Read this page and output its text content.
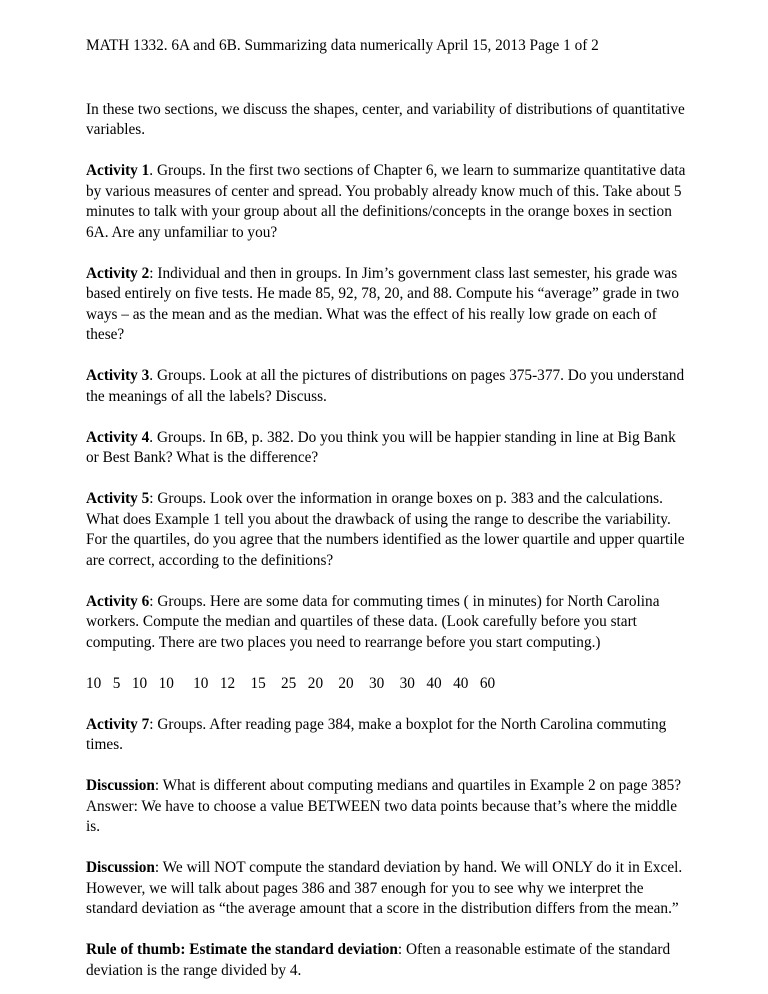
MATH 1332. 6A and 6B. Summarizing data numerically April 15, 2013 Page 1 of 2
In these two sections, we discuss the shapes, center, and variability of distributions of quantitative variables.
Activity 1. Groups. In the first two sections of Chapter 6, we learn to summarize quantitative data by various measures of center and spread. You probably already know much of this. Take about 5 minutes to talk with your group about all the definitions/concepts in the orange boxes in section 6A. Are any unfamiliar to you?
Activity 2: Individual and then in groups. In Jim’s government class last semester, his grade was based entirely on five tests. He made 85, 92, 78, 20, and 88. Compute his “average” grade in two ways – as the mean and as the median. What was the effect of his really low grade on each of these?
Activity 3. Groups. Look at all the pictures of distributions on pages 375-377. Do you understand the meanings of all the labels? Discuss.
Activity 4. Groups. In 6B, p. 382. Do you think you will be happier standing in line at Big Bank or Best Bank? What is the difference?
Activity 5: Groups. Look over the information in orange boxes on p. 383 and the calculations. What does Example 1 tell you about the drawback of using the range to describe the variability. For the quartiles, do you agree that the numbers identified as the lower quartile and upper quartile are correct, according to the definitions?
Activity 6: Groups. Here are some data for commuting times ( in minutes) for North Carolina workers. Compute the median and quartiles of these data. (Look carefully before you start computing. There are two places you need to rearrange before you start computing.)
10   5   10   10     10   12    15    25   20    20    30    30   40   40   60
Activity 7: Groups. After reading page 384, make a boxplot for the North Carolina commuting times.
Discussion: What is different about computing medians and quartiles in Example 2 on page 385? Answer: We have to choose a value BETWEEN two data points because that’s where the middle is.
Discussion: We will NOT compute the standard deviation by hand. We will ONLY do it in Excel. However, we will talk about pages 386 and 387 enough for you to see why we interpret the standard deviation as “the average amount that a score in the distribution differs from the mean.”
Rule of thumb: Estimate the standard deviation: Often a reasonable estimate of the standard deviation is the range divided by 4.
